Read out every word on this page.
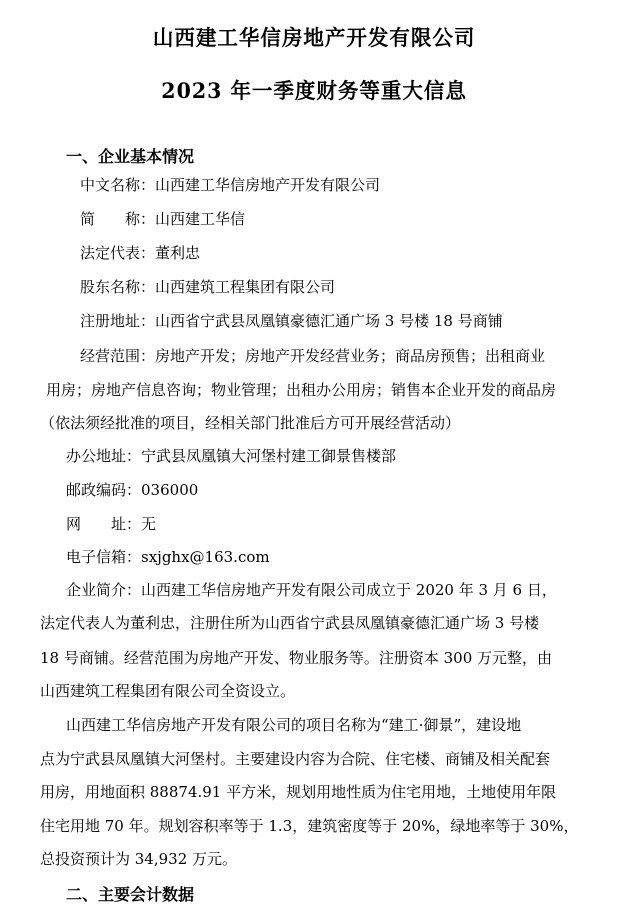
山西建工华信房地产开发有限公司
2023 年一季度财务等重大信息
一、企业基本情况
中文名称：山西建工华信房地产开发有限公司
简　　称：山西建工华信
法定代表：董利忠
股东名称：山西建筑工程集团有限公司
注册地址：山西省宁武县凤凰镇豪德汇通广场 3 号楼 18 号商铺
经营范围：房地产开发；房地产开发经营业务；商品房预售；出租商业
用房；房地产信息咨询；物业管理；出租办公用房；销售本企业开发的商品房
（依法须经批准的项目，经相关部门批准后方可开展经营活动）
办公地址：宁武县凤凰镇大河堡村建工御景售楼部
邮政编码：036000
网　　址：无
电子信箱：sxjghx@163.com
企业简介：山西建工华信房地产开发有限公司成立于 2020 年 3 月 6 日，
法定代表人为董利忠，注册住所为山西省宁武县凤凰镇豪德汇通广场 3 号楼
18 号商铺。经营范围为房地产开发、物业服务等。注册资本 300 万元整，由
山西建筑工程集团有限公司全资设立。
山西建工华信房地产开发有限公司的项目名称为“建工·御景”，建设地
点为宁武县凤凰镇大河堡村。主要建设内容为合院、住宅楼、商铺及相关配套
用房，用地面积 88874.91 平方米，规划用地性质为住宅用地，土地使用年限
住宅用地 70 年。规划容积率等于 1.3，建筑密度等于 20%，绿地率等于 30%，
总投资预计为 34,932 万元。
二、主要会计数据
